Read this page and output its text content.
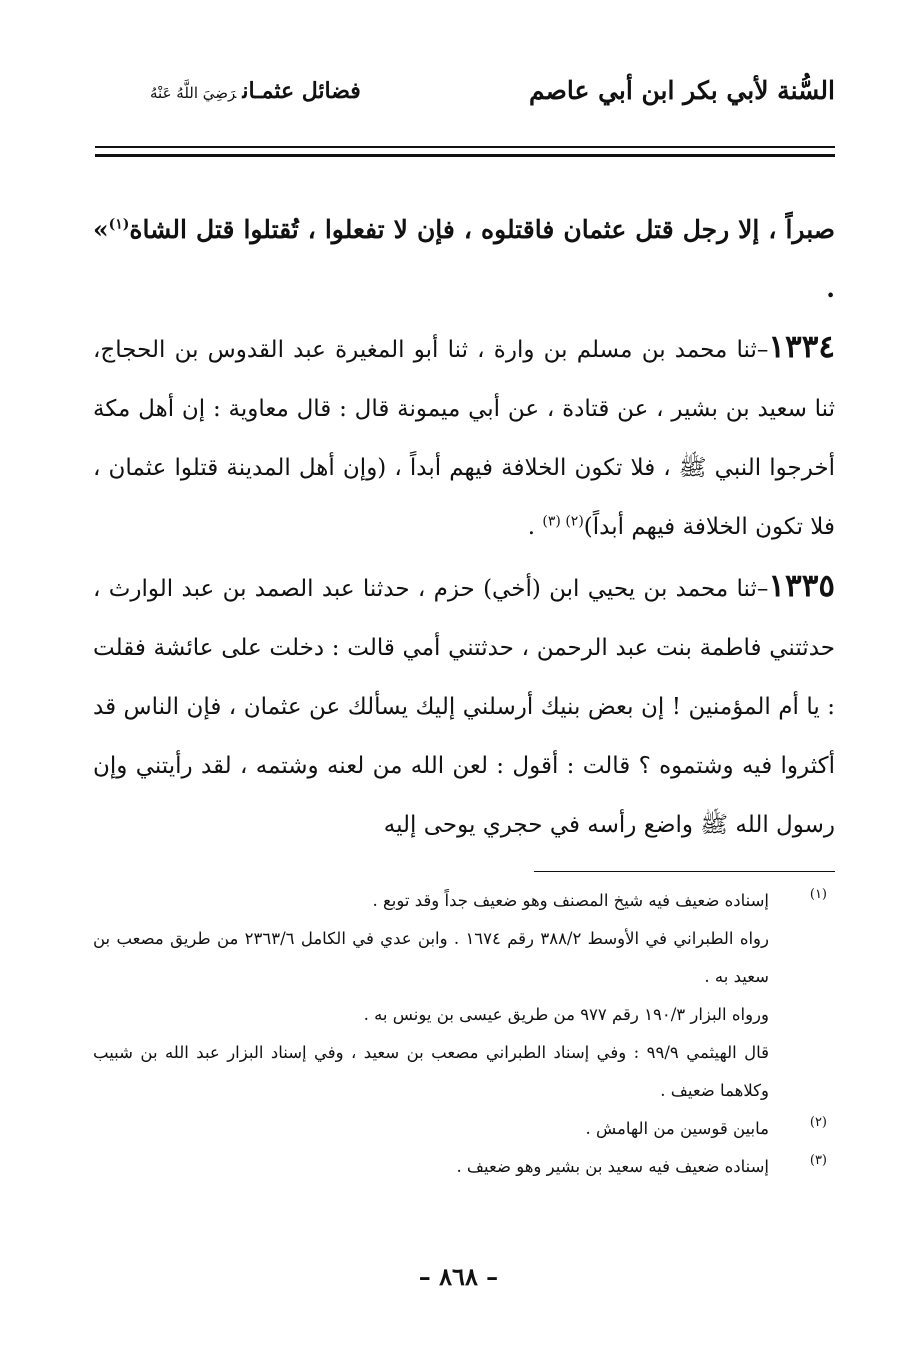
السُّنة لأبي بكر ابن أبي عاصم
فضائل عثمـانرَضِيَ اللَّهُ عَنْهُ

صبراً ، إلا رجل قتل عثمان فاقتلوه ، فإن لا تفعلوا ، تُقتلوا قتل الشاة$^{(١)}$» .

١٣٣٤–ثنا محمد بن مسلم بن وارة ، ثنا أبو المغيرة عبد القدوس بن الحجاج، ثنا سعيد بن بشير ، عن قتادة ، عن أبي ميمونة قال : قال معاوية : إن أهل مكة أخرجوا النبي ﷺ ، فلا تكون الخلافة فيهم أبداً ، (وإن أهل المدينة قتلوا عثمان ، فلا تكون الخلافة فيهم أبداً)$^{(٢) (٣)}$ .

١٣٣٥–ثنا محمد بن يحيي ابن (أخي) حزم ، حدثنا عبد الصمد بن عبد الوارث ، حدثتني فاطمة بنت عبد الرحمن ، حدثتني أمي قالت : دخلت على عائشة فقلت : يا أم المؤمنين ! إن بعض بنيك أرسلني إليك يسألك عن عثمان ، فإن الناس قد أكثروا فيه وشتموه ؟ قالت : أقول : لعن الله من لعنه وشتمه ، لقد رأيتني وإن رسول الله ﷺ واضع رأسه في حجري يوحى إليه

(١)
إسناده ضعيف فيه شيخ المصنف وهو ضعيف جداً وقد توبع .

رواه الطبراني في الأوسط ٣٨٨/٢ رقم ١٦٧٤ . وابن عدي في الكامل ٢٣٦٣/٦ من طريق مصعب بن سعيد به .

ورواه البزار ١٩٠/٣ رقم ٩٧٧ من طريق عيسى بن يونس به .

قال الهيثمي ٩٩/٩ : وفي إسناد الطبراني مصعب بن سعيد ، وفي إسناد البزار عبد الله بن شبيب وكلاهما ضعيف .

(٢)
مابين قوسين من الهامش .

(٣)
إسناده ضعيف فيه سعيد بن بشير وهو ضعيف .

– ٨٦٨ –
